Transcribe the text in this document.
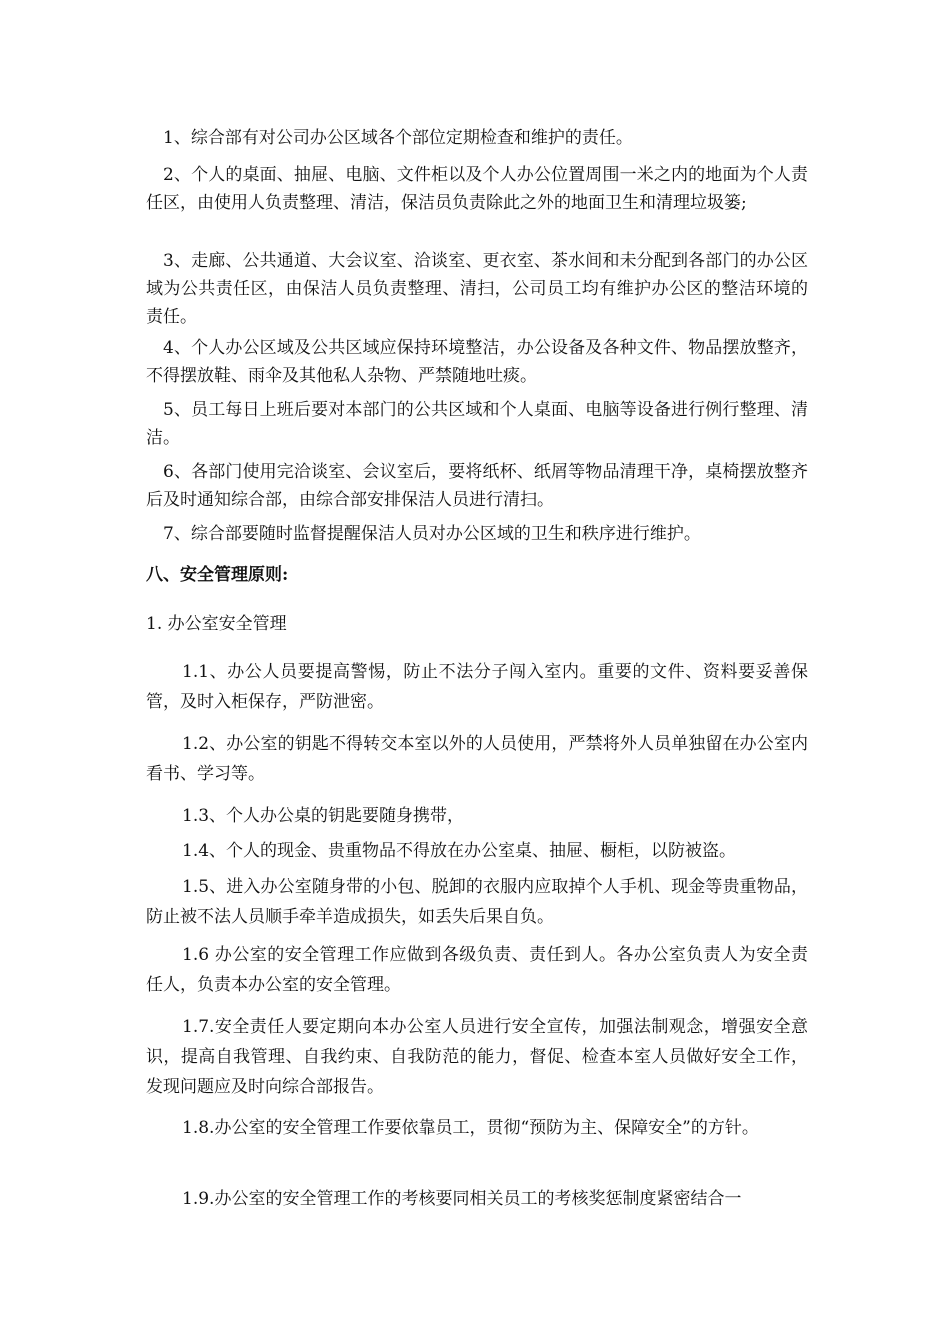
1、综合部有对公司办公区域各个部位定期检查和维护的责任。

2、个人的桌面、抽屉、电脑、文件柜以及个人办公位置周围一米之内的地面为个人责任区，由使用人负责整理、清洁，保洁员负责除此之外的地面卫生和清理垃圾篓;

3、走廊、公共通道、大会议室、洽谈室、更衣室、茶水间和未分配到各部门的办公区域为公共责任区，由保洁人员负责整理、清扫，公司员工均有维护办公区的整洁环境的责任。

4、个人办公区域及公共区域应保持环境整洁，办公设备及各种文件、物品摆放整齐，不得摆放鞋、雨伞及其他私人杂物、严禁随地吐痰。

5、员工每日上班后要对本部门的公共区域和个人桌面、电脑等设备进行例行整理、清洁。

6、各部门使用完洽谈室、会议室后，要将纸杯、纸屑等物品清理干净，桌椅摆放整齐后及时通知综合部，由综合部安排保洁人员进行清扫。

7、综合部要随时监督提醒保洁人员对办公区域的卫生和秩序进行维护。

八、安全管理原则:

1. 办公室安全管理

1.1、办公人员要提高警惕，防止不法分子闯入室内。重要的文件、资料要妥善保管，及时入柜保存，严防泄密。

1.2、办公室的钥匙不得转交本室以外的人员使用，严禁将外人员单独留在办公室内看书、学习等。

1.3、个人办公桌的钥匙要随身携带，

1.4、个人的现金、贵重物品不得放在办公室桌、抽屉、橱柜，以防被盗。

1.5、进入办公室随身带的小包、脱卸的衣服内应取掉个人手机、现金等贵重物品，防止被不法人员顺手牵羊造成损失，如丢失后果自负。

1.6 办公室的安全管理工作应做到各级负责、责任到人。各办公室负责人为安全责任人，负责本办公室的安全管理。

1.7.安全责任人要定期向本办公室人员进行安全宣传，加强法制观念，增强安全意识，提高自我管理、自我约束、自我防范的能力，督促、检查本室人员做好安全工作，发现问题应及时向综合部报告。

1.8.办公室的安全管理工作要依靠员工，贯彻“预防为主、保障安全”的方针。

1.9.办公室的安全管理工作的考核要同相关员工的考核奖惩制度紧密结合一
